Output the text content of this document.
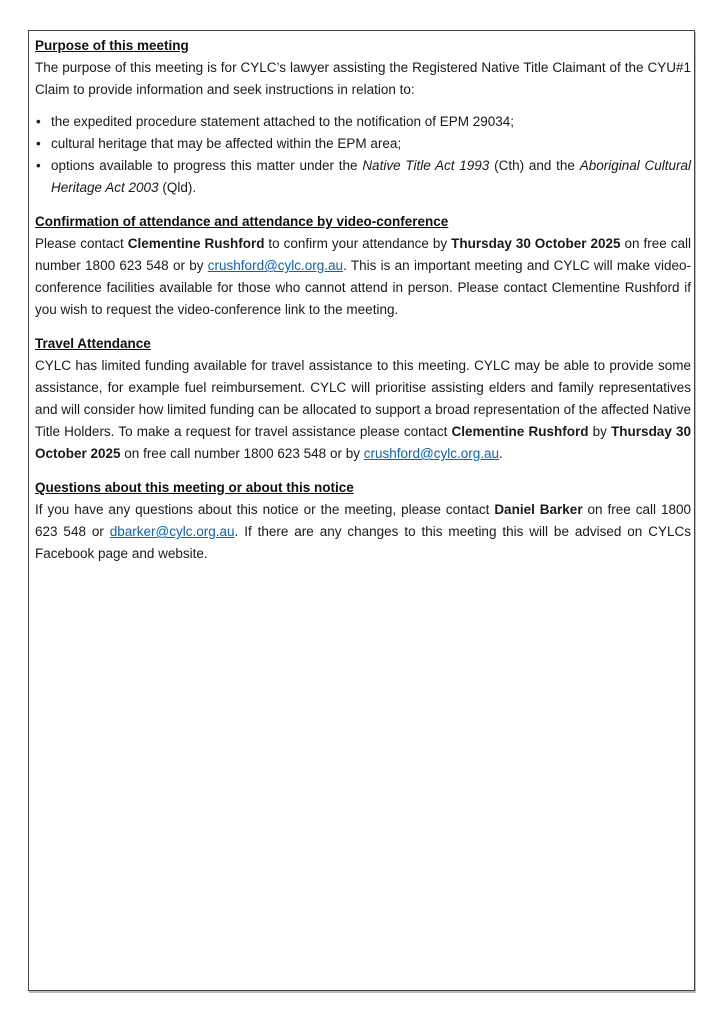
Purpose of this meeting

The purpose of this meeting is for CYLC’s lawyer assisting the Registered Native Title Claimant of the CYU#1 Claim to provide information and seek instructions in relation to:

• the expedited procedure statement attached to the notification of EPM 29034;
• cultural heritage that may be affected within the EPM area;
• options available to progress this matter under the Native Title Act 1993 (Cth) and the Aboriginal Cultural Heritage Act 2003 (Qld).
Confirmation of attendance and attendance by video-conference

Please contact Clementine Rushford to confirm your attendance by Thursday 30 October 2025 on free call number 1800 623 548 or by crushford@cylc.org.au. This is an important meeting and CYLC will make video-conference facilities available for those who cannot attend in person. Please contact Clementine Rushford if you wish to request the video-conference link to the meeting.

Travel Attendance

CYLC has limited funding available for travel assistance to this meeting. CYLC may be able to provide some assistance, for example fuel reimbursement. CYLC will prioritise assisting elders and family representatives and will consider how limited funding can be allocated to support a broad representation of the affected Native Title Holders. To make a request for travel assistance please contact Clementine Rushford by Thursday 30 October 2025 on free call number 1800 623 548 or by crushford@cylc.org.au.

Questions about this meeting or about this notice

If you have any questions about this notice or the meeting, please contact Daniel Barker on free call 1800 623 548 or dbarker@cylc.org.au. If there are any changes to this meeting this will be advised on CYLCs Facebook page and website.
